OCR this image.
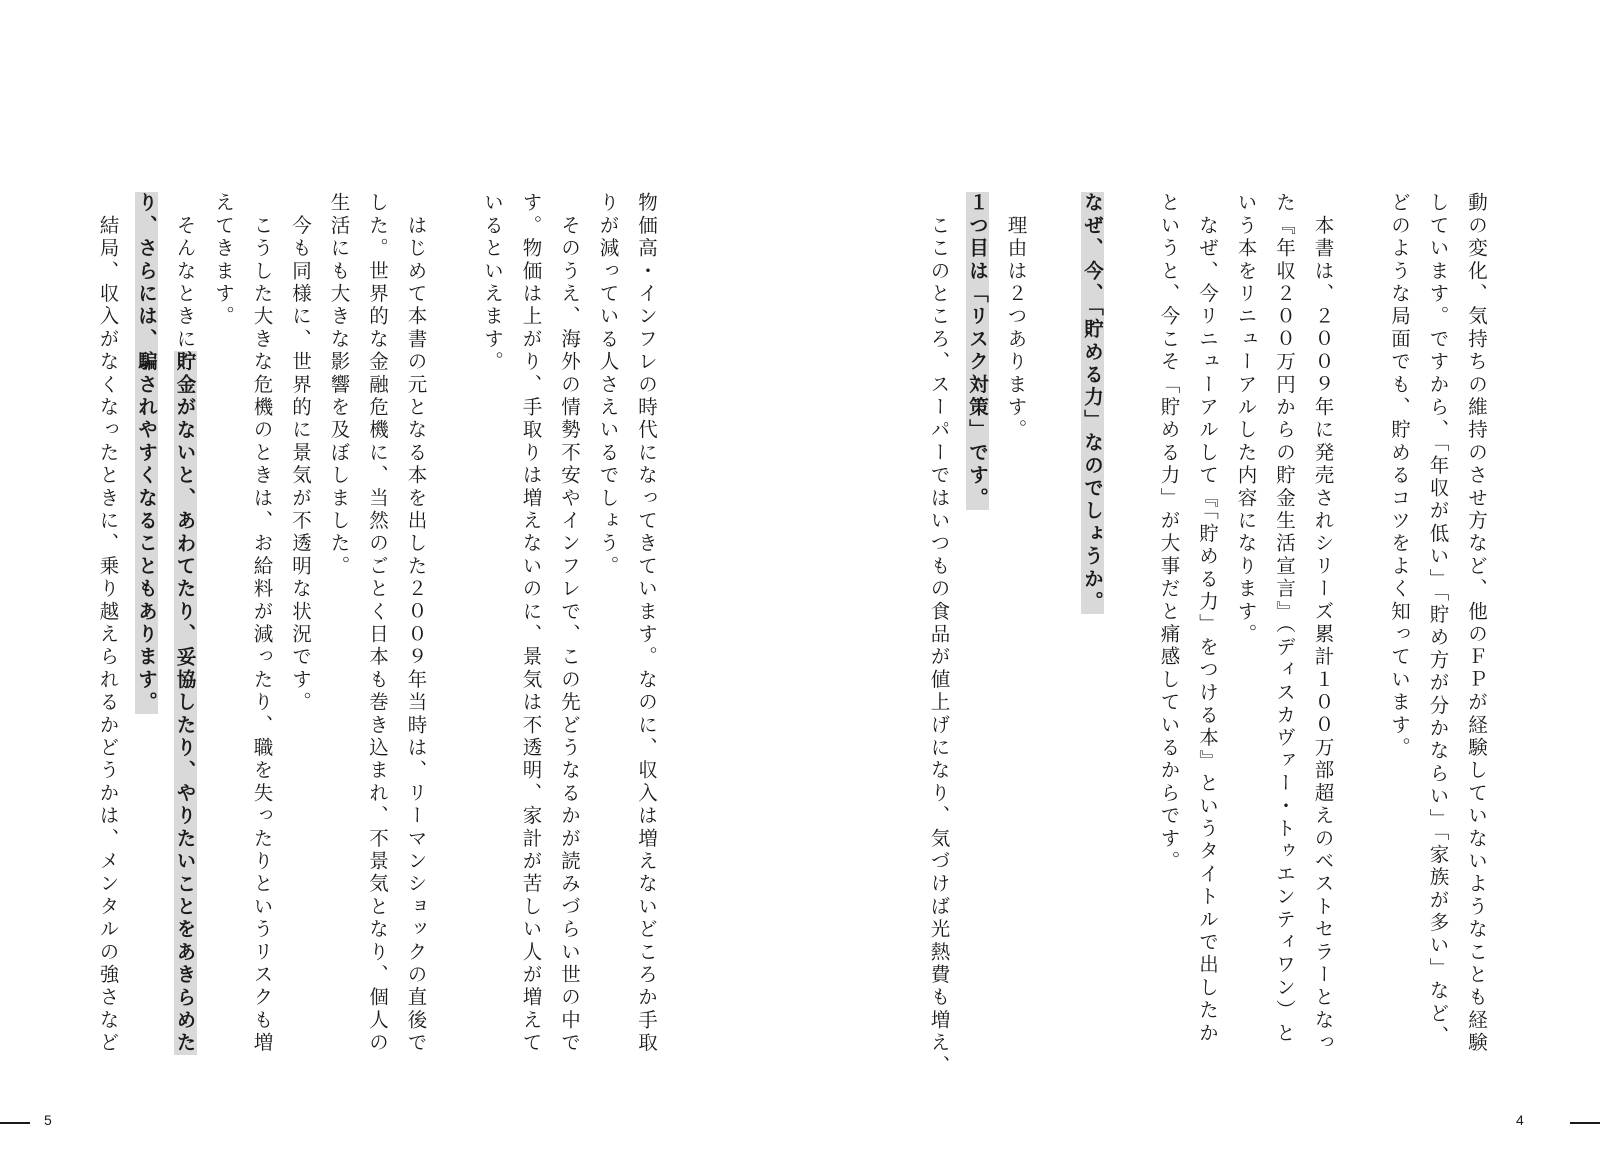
動の変化、気持ちの維持のさせ方など、他のＦＰが経験していないようなことも経験
しています。ですから、「年収が低い」「貯め方が分かならい」「家族が多い」など、
どのような局面でも、貯めるコツをよく知っています。
　本書は、２００９年に発売されシリーズ累計１００万部超えのベストセラーとなっ
た『年収２００万円からの貯金生活宣言』（ディスカヴァー・トゥエンティワン）と
いう本をリニューアルした内容になります。
　なぜ、今リニューアルして『「貯める力」をつける本』というタイトルで出したか
というと、今こそ「貯める力」が大事だと痛感しているからです。
なぜ、今、「貯める力」なのでしょうか。
　理由は２つあります。
１つ目は「リスク対策」です。
　ここのところ、スーパーではいつもの食品が値上げになり、気づけば光熱費も増え、
4
物価高・インフレの時代になってきています。なのに、収入は増えないどころか手取
りが減っている人さえいるでしょう。
　そのうえ、海外の情勢不安やインフレで、この先どうなるかが読みづらい世の中で
す。物価は上がり、手取りは増えないのに、景気は不透明、家計が苦しい人が増えて
いるといえます。
　はじめて本書の元となる本を出した２００９年当時は、リーマンショックの直後で
した。世界的な金融危機に、当然のごとく日本も巻き込まれ、不景気となり、個人の
生活にも大きな影響を及ぼしました。
　今も同様に、世界的に景気が不透明な状況です。
　こうした大きな危機のときは、お給料が減ったり、職を失ったりというリスクも増
えてきます。
　そんなときに貯金がないと、あわてたり、妥協したり、やりたいことをあきらめた
り、さらには、騙されやすくなることもあります。
　結局、収入がなくなったときに、乗り越えられるかどうかは、メンタルの強さなど
5
